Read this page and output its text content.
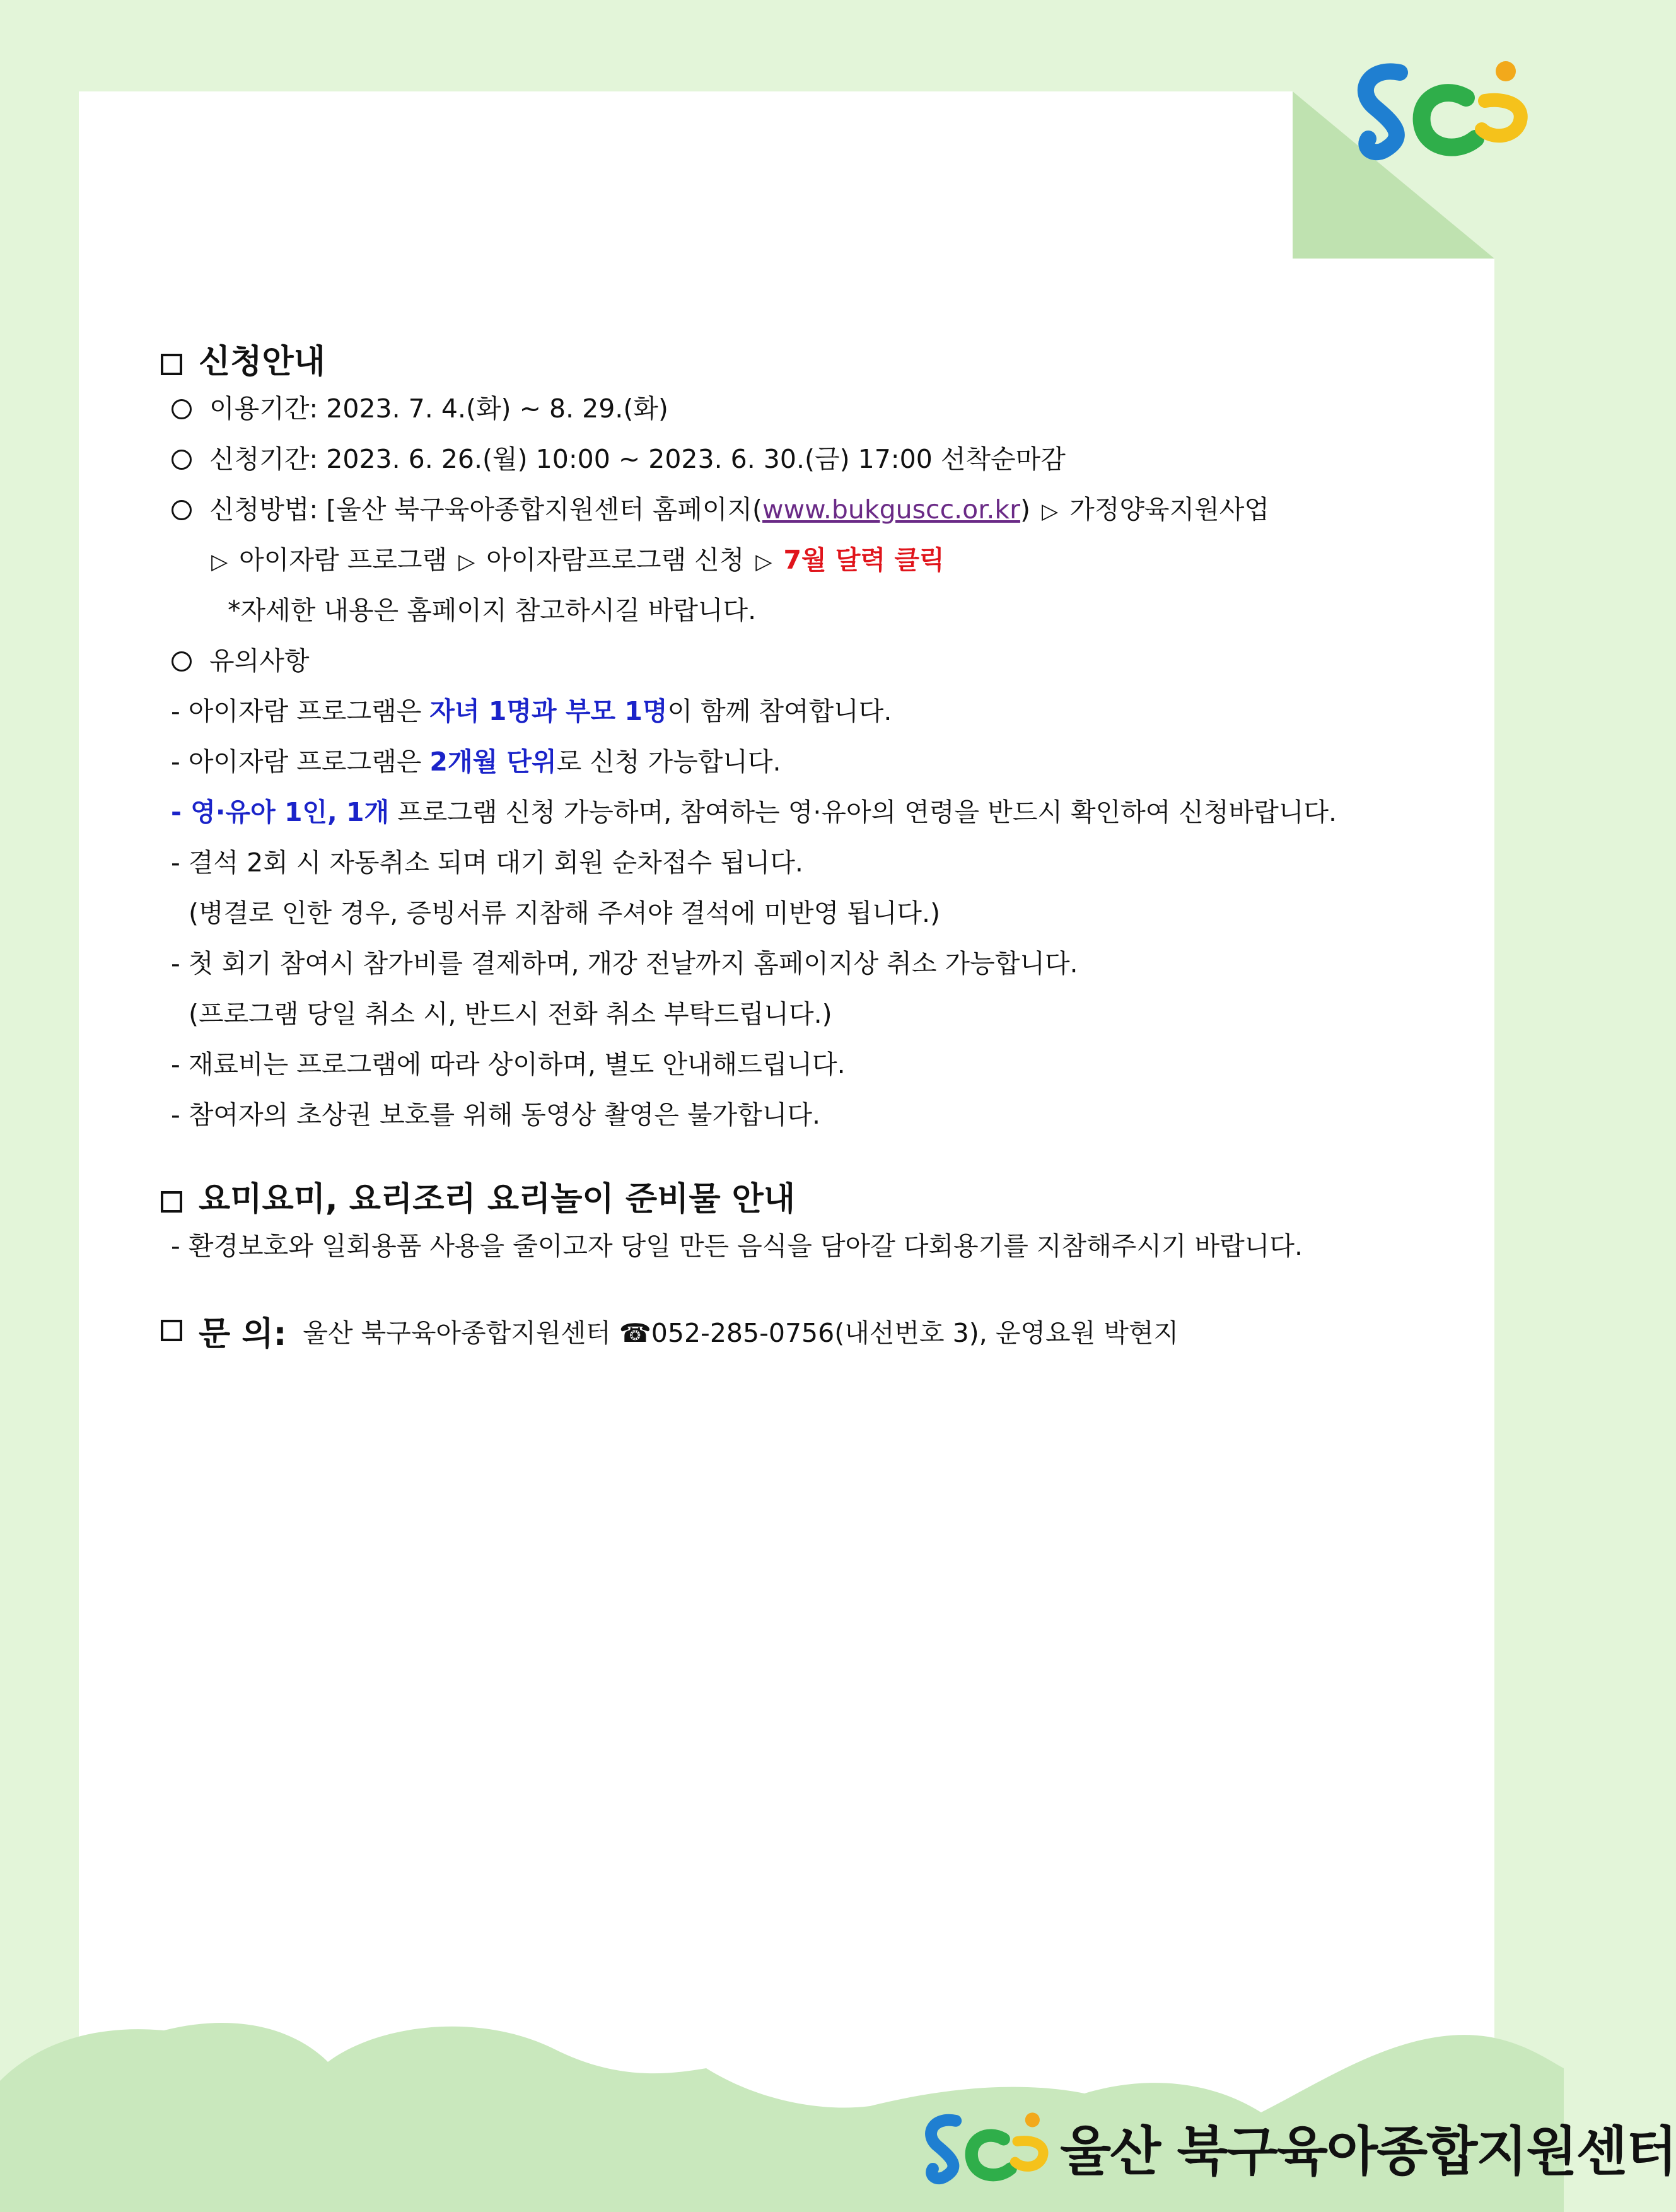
신청안내
이용기간: 2023. 7. 4.(화) ~ 8. 29.(화)
신청기간: 2023. 6. 26.(월) 10:00 ~ 2023. 6. 30.(금) 17:00 선착순마감
신청방법: [울산 북구육아종합지원센터 홈페이지(www.bukguscc.or.kr) ▷ 가정양육지원사업
▷ 아이자람 프로그램 ▷ 아이자람프로그램 신청 ▷ 7월 달력 클릭
*자세한 내용은 홈페이지 참고하시길 바랍니다.
유의사항
- 아이자람 프로그램은 자녀 1명과 부모 1명이 함께 참여합니다.
- 아이자람 프로그램은 2개월 단위로 신청 가능합니다.
- 영·유아 1인, 1개 프로그램 신청 가능하며, 참여하는 영·유아의 연령을 반드시 확인하여 신청바랍니다.
- 결석 2회 시 자동취소 되며 대기 회원 순차접수 됩니다.
(병결로 인한 경우, 증빙서류 지참해 주셔야 결석에 미반영 됩니다.)
- 첫 회기 참여시 참가비를 결제하며, 개강 전날까지 홈페이지상 취소 가능합니다.
(프로그램 당일 취소 시, 반드시 전화 취소 부탁드립니다.)
- 재료비는 프로그램에 따라 상이하며, 별도 안내해드립니다.
- 참여자의 초상권 보호를 위해 동영상 촬영은 불가합니다.
요미요미, 요리조리 요리놀이 준비물 안내
- 환경보호와 일회용품 사용을 줄이고자 당일 만든 음식을 담아갈 다회용기를 지참해주시기 바랍니다.
문 의: 울산 북구육아종합지원센터 ☎052-285-0756(내선번호 3), 운영요원 박현지
울산 북구육아종합지원센터
